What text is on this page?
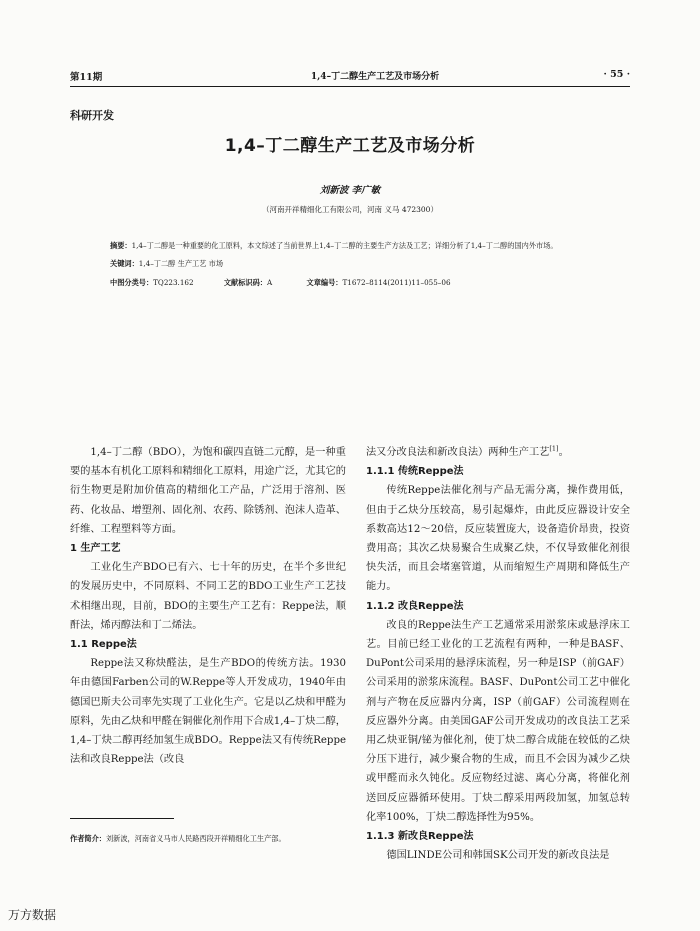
第11期	1,4–丁二醇生产工艺及市场分析	· 55 ·
科研开发
1,4–丁二醇生产工艺及市场分析
刘新波 李广敏
（河南开祥精细化工有限公司，河南 义马 472300）
摘要：1,4–丁二醇是一种重要的化工原料，本文综述了当前世界上1,4–丁二醇的主要生产方法及工艺；详细分析了1,4–丁二醇的国内外市场。
关键词：1,4–丁二醇 生产工艺 市场
中图分类号：TQ223.162	文献标识码：A	文章编号：T1672–8114(2011)11–055–06

1,4–丁二醇（BDO），为饱和碳四直链二元醇，是一种重要的基本有机化工原料和精细化工原料，用途广泛，尤其它的衍生物更是附加价值高的精细化工产品，广泛用于溶剂、医药、化妆品、增塑剂、固化剂、农药、除锈剂、泡沫人造革、纤维、工程塑料等方面。

1 生产工艺

工业化生产BDO已有六、七十年的历史，在半个多世纪的发展历史中，不同原料、不同工艺的BDO工业生产工艺技术相继出现，目前，BDO的主要生产工艺有：Reppe法，顺酐法，烯丙醇法和丁二烯法。

1.1 Reppe法

Reppe法又称炔醛法，是生产BDO的传统方法。1930年由德国Farben公司的W.Reppe等人开发成功，1940年由德国巴斯夫公司率先实现了工业化生产。它是以乙炔和甲醛为原料，先由乙炔和甲醛在铜催化剂作用下合成1,4–丁炔二醇，1,4–丁炔二醇再经加氢生成BDO。Reppe法又有传统Reppe法和改良Reppe法（改良

法又分改良法和新改良法）两种生产工艺[1]。

1.1.1 传统Reppe法

传统Reppe法催化剂与产品无需分离，操作费用低，但由于乙炔分压较高，易引起爆炸，由此反应器设计安全系数高达12～20倍，反应装置庞大，设备造价昂贵，投资费用高；其次乙炔易聚合生成聚乙炔，不仅导致催化剂很快失活，而且会堵塞管道，从而缩短生产周期和降低生产能力。

1.1.2 改良Reppe法

改良的Reppe法生产工艺通常采用淤浆床或悬浮床工艺。目前已经工业化的工艺流程有两种，一种是BASF、DuPont公司采用的悬浮床流程，另一种是ISP（前GAF）公司采用的淤浆床流程。BASF、DuPont公司工艺中催化剂与产物在反应器内分离，ISP（前GAF）公司流程则在反应器外分离。由美国GAF公司开发成功的改良法工艺采用乙炔亚铜/铋为催化剂，使丁炔二醇合成能在较低的乙炔分压下进行，减少聚合物的生成，而且不会因为减少乙炔或甲醛而永久钝化。反应物经过滤、离心分离，将催化剂送回反应器循环使用。丁炔二醇采用两段加氢，加氢总转化率100%，丁炔二醇选择性为95%。

1.1.3 新改良Reppe法

德国LINDE公司和韩国SK公司开发的新改良法是

作者简介：刘新波，河南省义马市人民路西段开祥精细化工生产部。
万方数据
